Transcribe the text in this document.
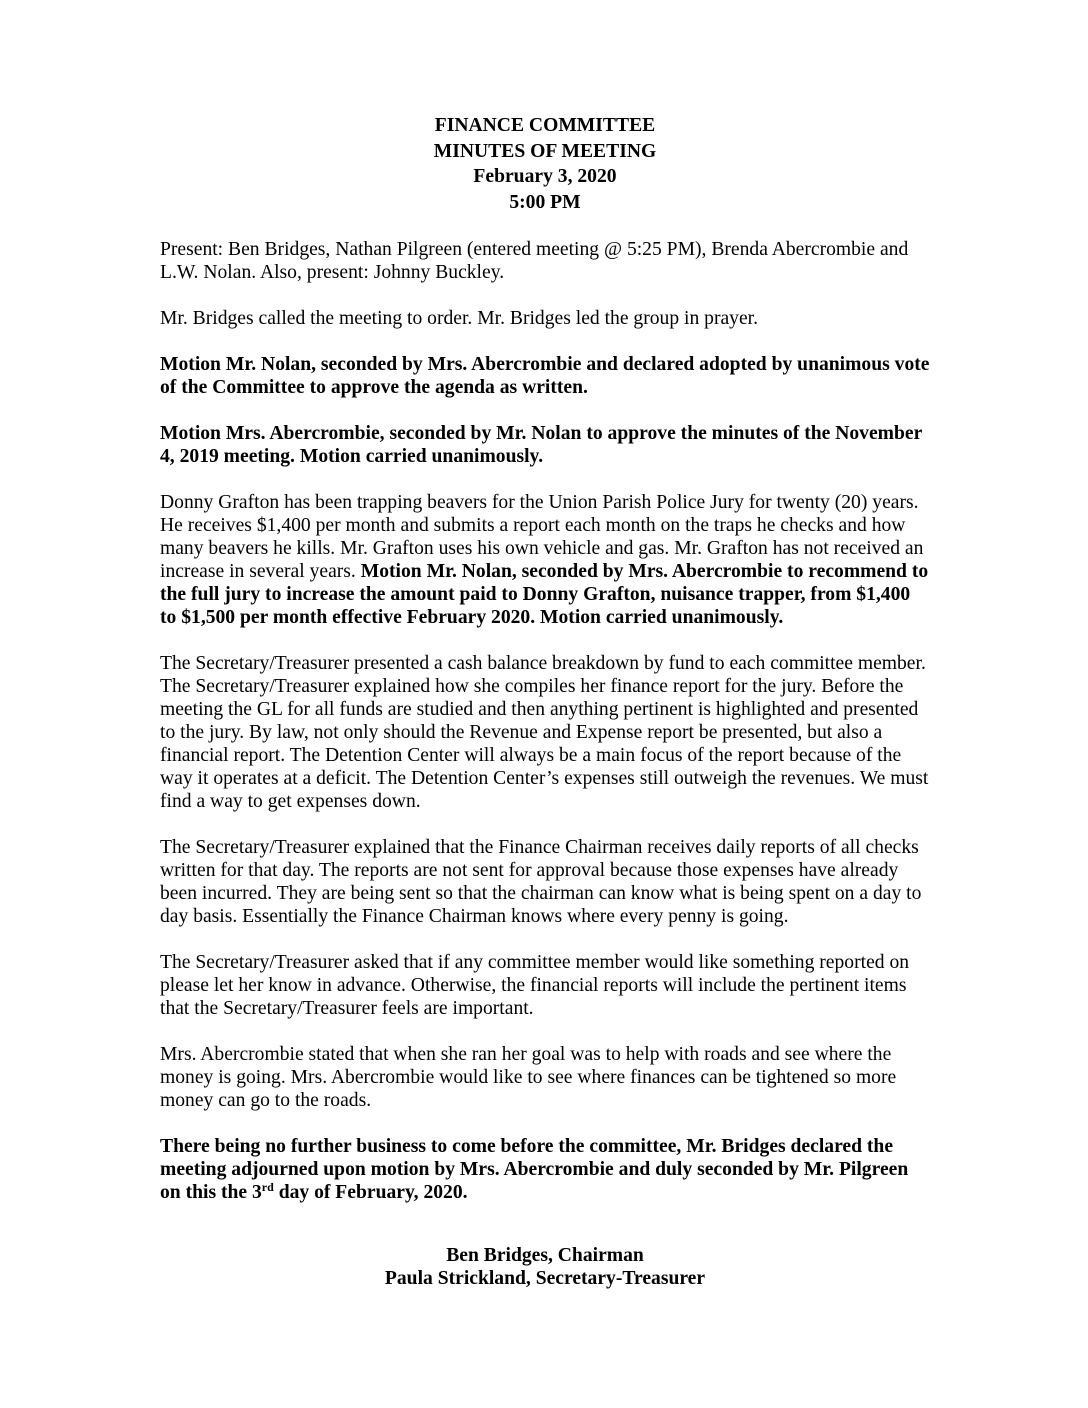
FINANCE COMMITTEE
MINUTES OF MEETING
February 3, 2020
5:00 PM

Present: Ben Bridges, Nathan Pilgreen (entered meeting @ 5:25 PM), Brenda Abercrombie and L.W. Nolan. Also, present: Johnny Buckley.

Mr. Bridges called the meeting to order. Mr. Bridges led the group in prayer.

Motion Mr. Nolan, seconded by Mrs. Abercrombie and declared adopted by unanimous vote of the Committee to approve the agenda as written.

Motion Mrs. Abercrombie, seconded by Mr. Nolan to approve the minutes of the November 4, 2019 meeting. Motion carried unanimously.

Donny Grafton has been trapping beavers for the Union Parish Police Jury for twenty (20) years. He receives $1,400 per month and submits a report each month on the traps he checks and how many beavers he kills. Mr. Grafton uses his own vehicle and gas. Mr. Grafton has not received an increase in several years. Motion Mr. Nolan, seconded by Mrs. Abercrombie to recommend to the full jury to increase the amount paid to Donny Grafton, nuisance trapper, from $1,400 to $1,500 per month effective February 2020. Motion carried unanimously.

The Secretary/Treasurer presented a cash balance breakdown by fund to each committee member. The Secretary/Treasurer explained how she compiles her finance report for the jury. Before the meeting the GL for all funds are studied and then anything pertinent is highlighted and presented to the jury. By law, not only should the Revenue and Expense report be presented, but also a financial report. The Detention Center will always be a main focus of the report because of the way it operates at a deficit. The Detention Center’s expenses still outweigh the revenues. We must find a way to get expenses down.

The Secretary/Treasurer explained that the Finance Chairman receives daily reports of all checks written for that day. The reports are not sent for approval because those expenses have already been incurred. They are being sent so that the chairman can know what is being spent on a day to day basis. Essentially the Finance Chairman knows where every penny is going.

The Secretary/Treasurer asked that if any committee member would like something reported on please let her know in advance. Otherwise, the financial reports will include the pertinent items that the Secretary/Treasurer feels are important.

Mrs. Abercrombie stated that when she ran her goal was to help with roads and see where the money is going. Mrs. Abercrombie would like to see where finances can be tightened so more money can go to the roads.

There being no further business to come before the committee, Mr. Bridges declared the meeting adjourned upon motion by Mrs. Abercrombie and duly seconded by Mr. Pilgreen on this the 3rd day of February, 2020.

Ben Bridges, Chairman
Paula Strickland, Secretary-Treasurer
